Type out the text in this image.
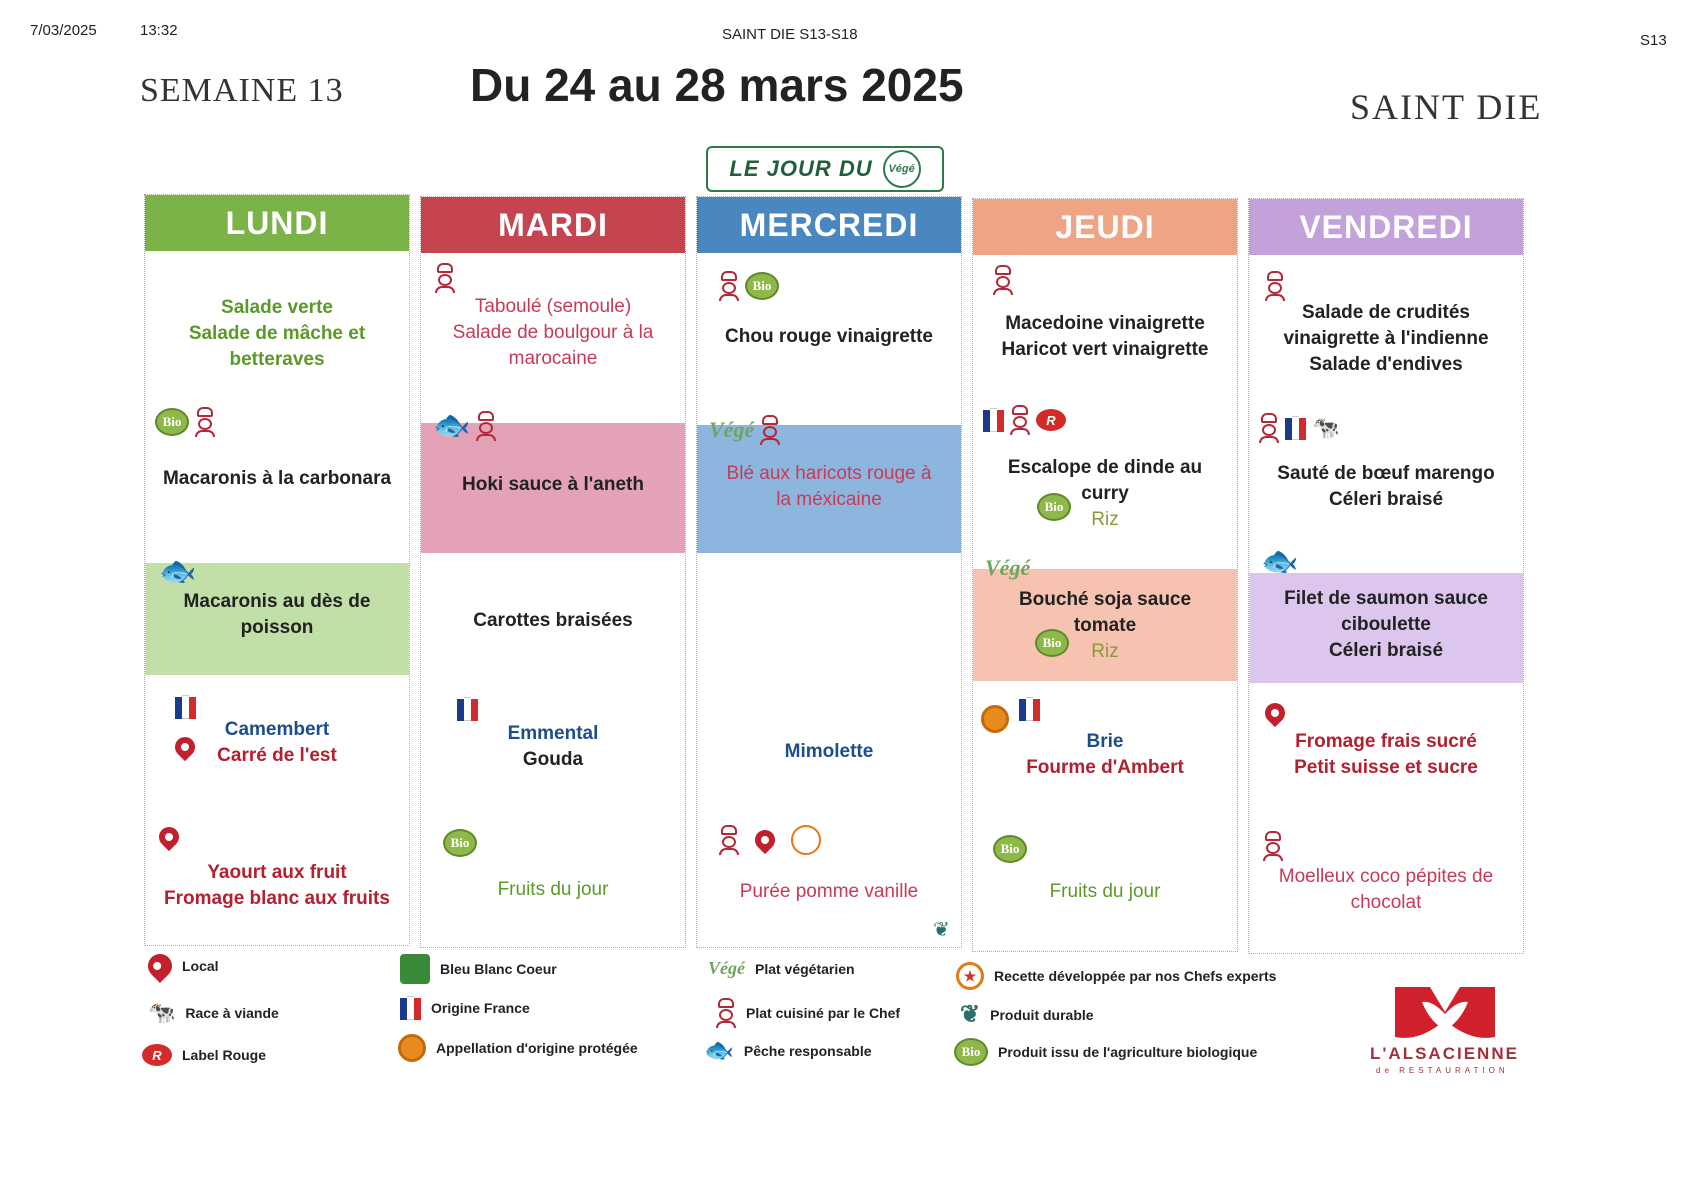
7/03/2025	13:32	SAINT DIE S13-S18	S13
SEMAINE 13	Du 24 au 28 mars 2025	SAINT DIE
LE JOUR DU	Végé
LUNDI
Salade verte
Salade de mâche et
betteraves
Bio
Macaronis à la carbonara
🐟
Macaronis au dès de
poisson
Camembert
Carré de l'est
Yaourt aux fruit
Fromage blanc aux fruits
MARDI
Taboulé (semoule)
Salade de boulgour à la
marocaine
🐟
Hoki sauce à l'aneth
Carottes braisées
Emmental
Gouda
Bio
Fruits du jour
MERCREDI
Bio
Chou rouge vinaigrette
Végé
Blé aux haricots rouge à
la méxicaine
Mimolette
Purée pomme vanille
❦
JEUDI
Macedoine vinaigrette
Haricot vert vinaigrette
R
Escalope de dinde au
curry
Bio
Riz
Végé
Bouché soja sauce
tomate
Bio	Riz
Brie
Fourme d'Ambert
Bio
Fruits du jour
VENDREDI
Salade de crudités
vinaigrette à l'indienne
Salade d'endives
🐄
Sauté de bœuf marengo
Céleri braisé
🐟
Filet de saumon sauce
ciboulette
Céleri braisé
Fromage frais sucré
Petit suisse et sucre
Moelleux coco pépites de
chocolat
Local
🐄 Race à viande
R	Label Rouge
Bleu Blanc Coeur
Origine France
Appellation d'origine protégée
Végé Plat végétarien
Plat cuisiné par le Chef
🐟 Pêche responsable
★	Recette développée par nos Chefs experts
❦ Produit durable
Bio	Produit issu de l'agriculture biologique	L'ALSACIENNE
de RESTAURATION
